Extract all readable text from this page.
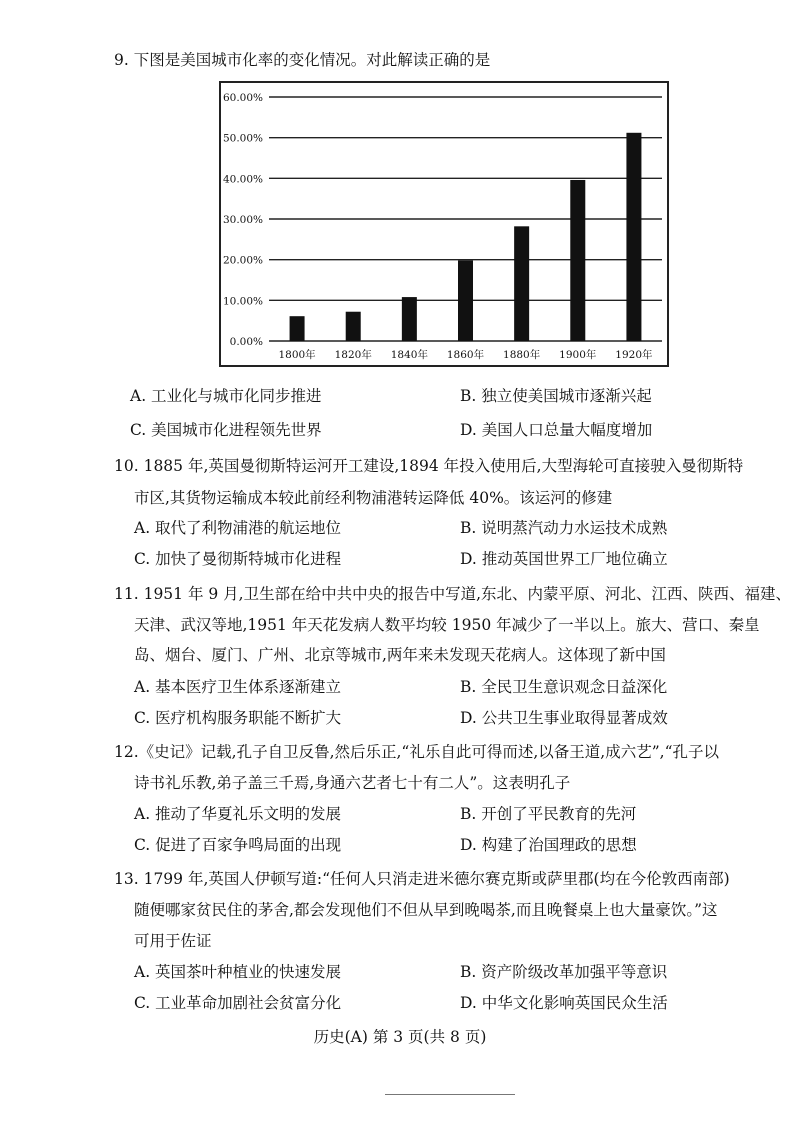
9. 下图是美国城市化率的变化情况。对此解读正确的是
0.00%
10.00%
20.00%
30.00%
40.00%
50.00%
60.00%
1800年 1820年 1840年 1860年 1880年 1900年 1920年
A. 工业化与城市化同步推进	B. 独立使美国城市逐渐兴起
C. 美国城市化进程领先世界	D. 美国人口总量大幅度增加
10. 1885 年,英国曼彻斯特运河开工建设,1894 年投入使用后,大型海轮可直接驶入曼彻斯特
市区,其货物运输成本较此前经利物浦港转运降低 40%。该运河的修建
A. 取代了利物浦港的航运地位	B. 说明蒸汽动力水运技术成熟
C. 加快了曼彻斯特城市化进程	D. 推动英国世界工厂地位确立
11. 1951 年 9 月,卫生部在给中共中央的报告中写道,东北、内蒙平原、河北、江西、陕西、福建、
天津、武汉等地,1951 年天花发病人数平均较 1950 年减少了一半以上。旅大、营口、秦皇
岛、烟台、厦门、广州、北京等城市,两年来未发现天花病人。这体现了新中国
A. 基本医疗卫生体系逐渐建立	B. 全民卫生意识观念日益深化
C. 医疗机构服务职能不断扩大	D. 公共卫生事业取得显著成效
12.《史记》记载,孔子自卫反鲁,然后乐正,“礼乐自此可得而述,以备王道,成六艺”,“孔子以
诗书礼乐教,弟子盖三千焉,身通六艺者七十有二人”。这表明孔子
A. 推动了华夏礼乐文明的发展	B. 开创了平民教育的先河
C. 促进了百家争鸣局面的出现	D. 构建了治国理政的思想
13. 1799 年,英国人伊顿写道:“任何人只消走进米德尔赛克斯或萨里郡(均在今伦敦西南部)
随便哪家贫民住的茅舍,都会发现他们不但从早到晚喝茶,而且晚餐桌上也大量豪饮。”这
可用于佐证
A. 英国茶叶种植业的快速发展	B. 资产阶级改革加强平等意识
C. 工业革命加剧社会贫富分化	D. 中华文化影响英国民众生活
历史(A) 第 3 页(共 8 页)
